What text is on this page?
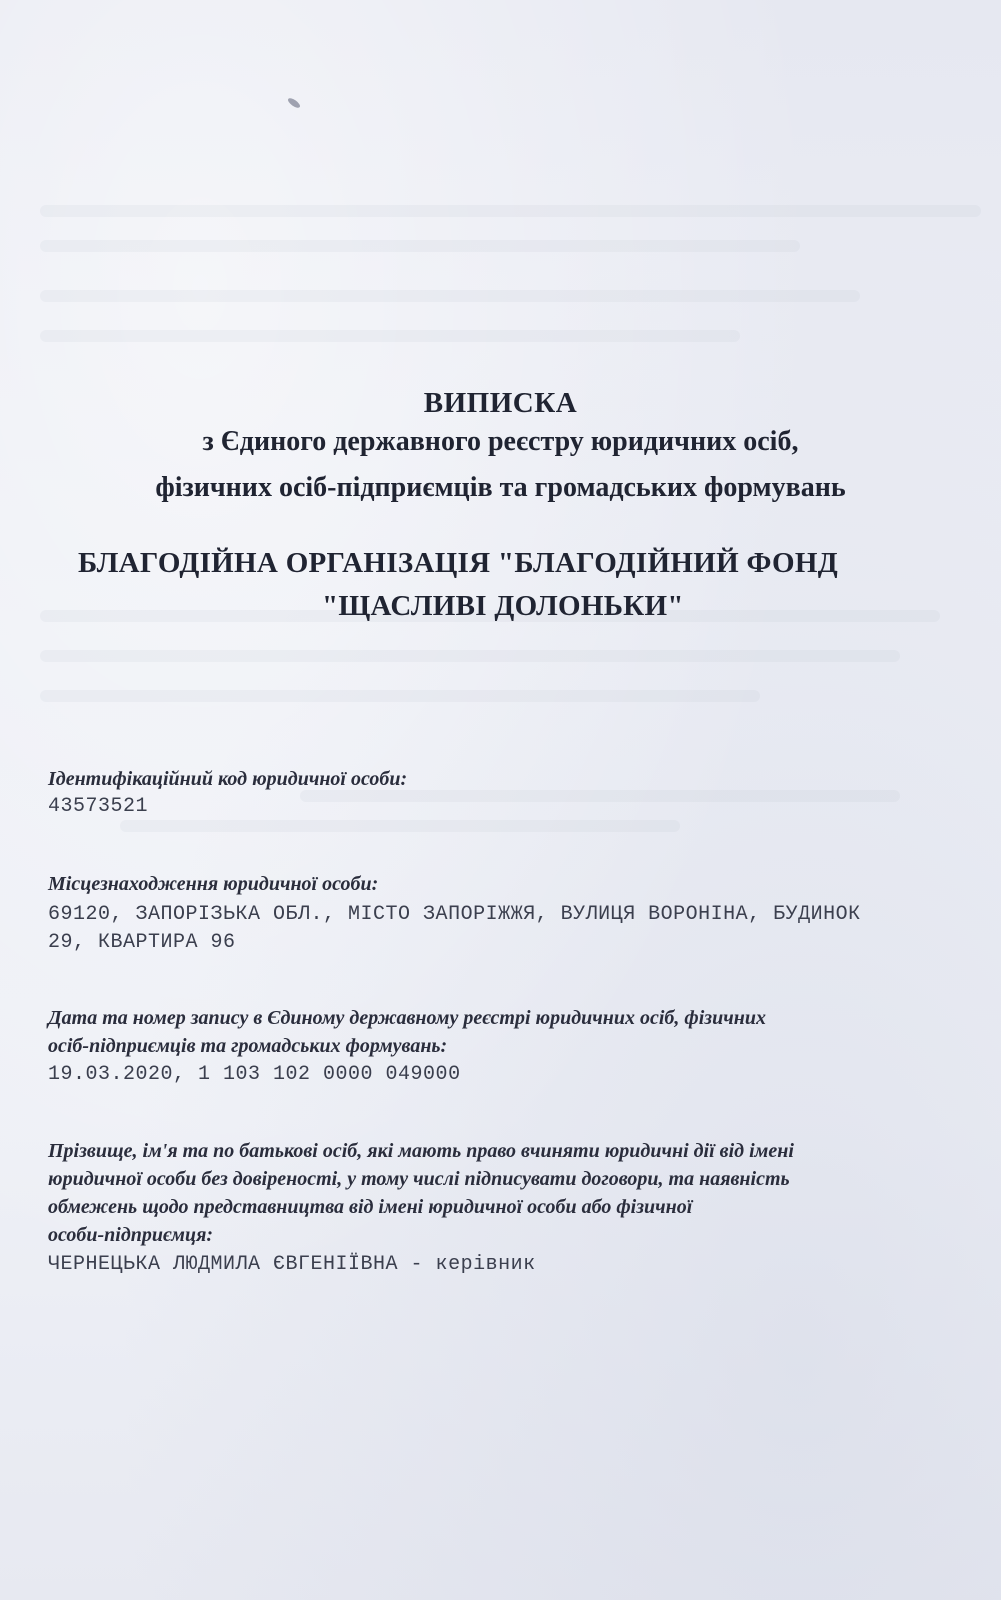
ВИПИСКА
з Єдиного державного реєстру юридичних осіб,
фізичних осіб-підприємців та громадських формувань
БЛАГОДІЙНА ОРГАНІЗАЦІЯ "БЛАГОДІЙНИЙ ФОНД
"ЩАСЛИВІ ДОЛОНЬКИ"
Ідентифікаційний код юридичної особи:
43573521
Місцезнаходження юридичної особи:
69120, ЗАПОРІЗЬКА ОБЛ., МІСТО ЗАПОРІЖЖЯ, ВУЛИЦЯ ВОРОНІНА, БУДИНОК
29, КВАРТИРА 96
Дата та номер запису в Єдиному державному реєстрі юридичних осіб, фізичних
осіб-підприємців та громадських формувань:
19.03.2020, 1 103 102 0000 049000
Прізвище, ім'я та по батькові осіб, які мають право вчиняти юридичні дії від імені
юридичної особи без довіреності, у тому числі підписувати договори, та наявність
обмежень щодо представництва від імені юридичної особи або фізичної
особи-підприємця:
ЧЕРНЕЦЬКА ЛЮДМИЛА ЄВГЕНІЇВНА - керівник
